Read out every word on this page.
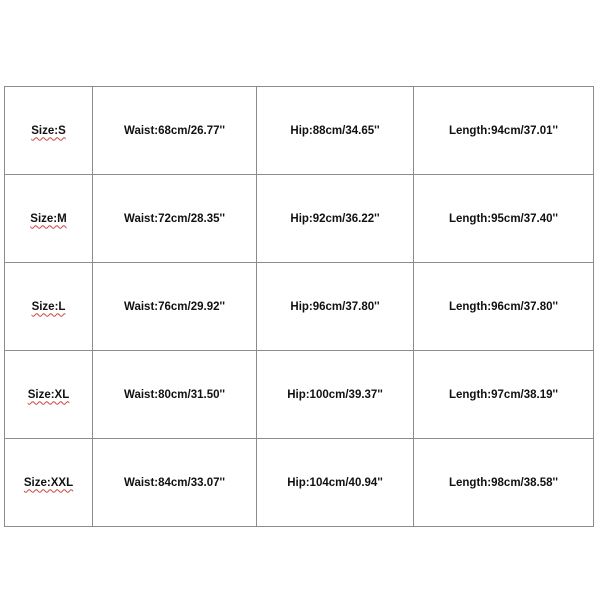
Size:S	Waist:68cm/26.77''	Hip:88cm/34.65''	Length:94cm/37.01''
Size:M	Waist:72cm/28.35''	Hip:92cm/36.22''	Length:95cm/37.40''
Size:L	Waist:76cm/29.92''	Hip:96cm/37.80''	Length:96cm/37.80''
Size:XL	Waist:80cm/31.50''	Hip:100cm/39.37''	Length:97cm/38.19''
Size:XXL	Waist:84cm/33.07''	Hip:104cm/40.94''	Length:98cm/38.58''
